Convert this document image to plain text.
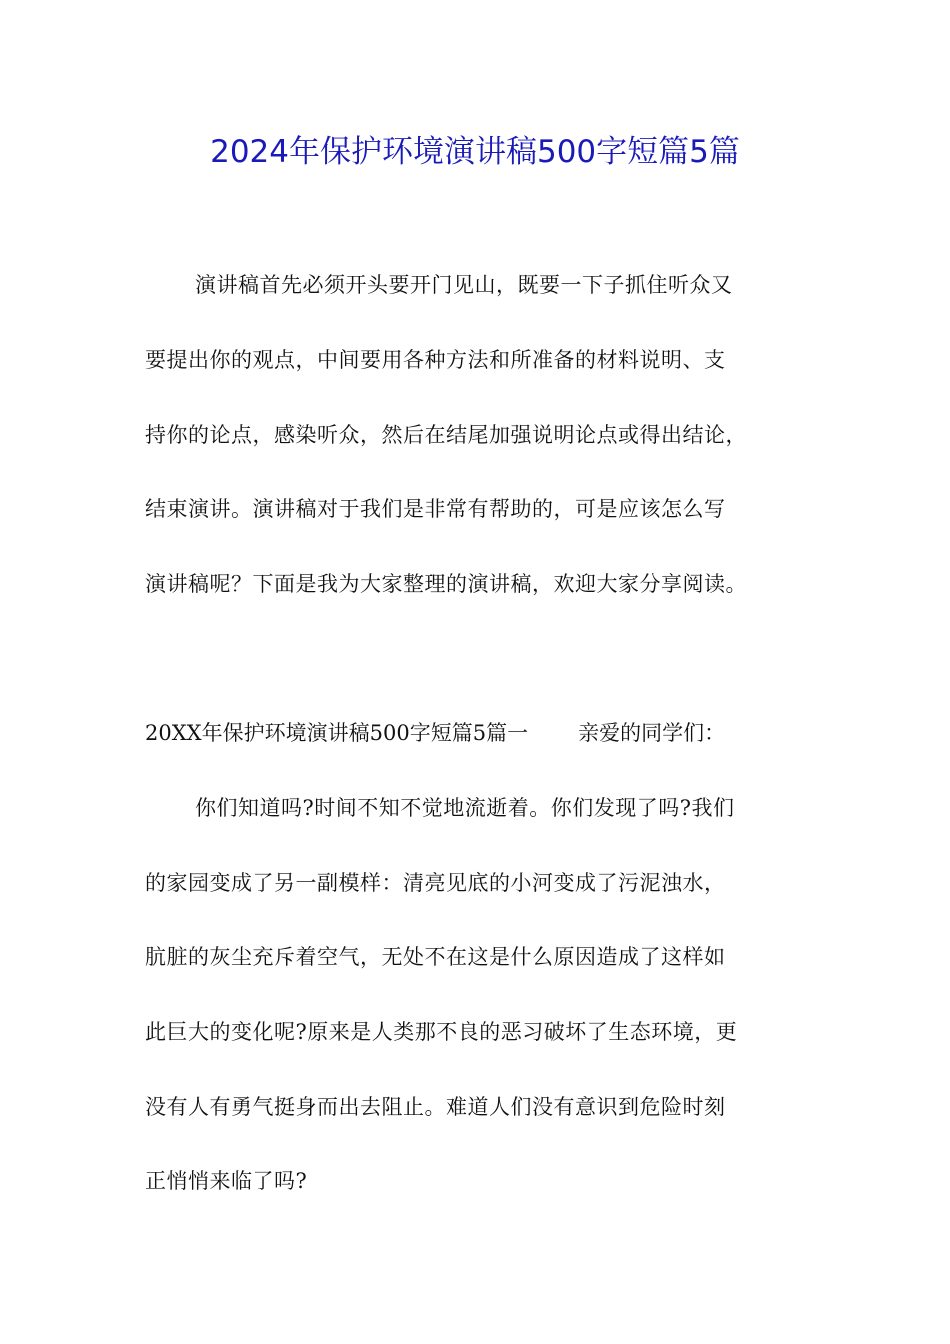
2024年保护环境演讲稿500字短篇5篇
演讲稿首先必须开头要开门见山，既要一下子抓住听众又
要提出你的观点，中间要用各种方法和所准备的材料说明、支
持你的论点，感染听众，然后在结尾加强说明论点或得出结论，
结束演讲。演讲稿对于我们是非常有帮助的，可是应该怎么写
演讲稿呢？下面是我为大家整理的演讲稿，欢迎大家分享阅读。
20XX年保护环境演讲稿500字短篇5篇一 亲爱的同学们：
你们知道吗?时间不知不觉地流逝着。你们发现了吗?我们
的家园变成了另一副模样：清亮见底的小河变成了污泥浊水，
肮脏的灰尘充斥着空气，无处不在这是什么原因造成了这样如
此巨大的变化呢?原来是人类那不良的恶习破坏了生态环境，更
没有人有勇气挺身而出去阻止。难道人们没有意识到危险时刻
正悄悄来临了吗?
